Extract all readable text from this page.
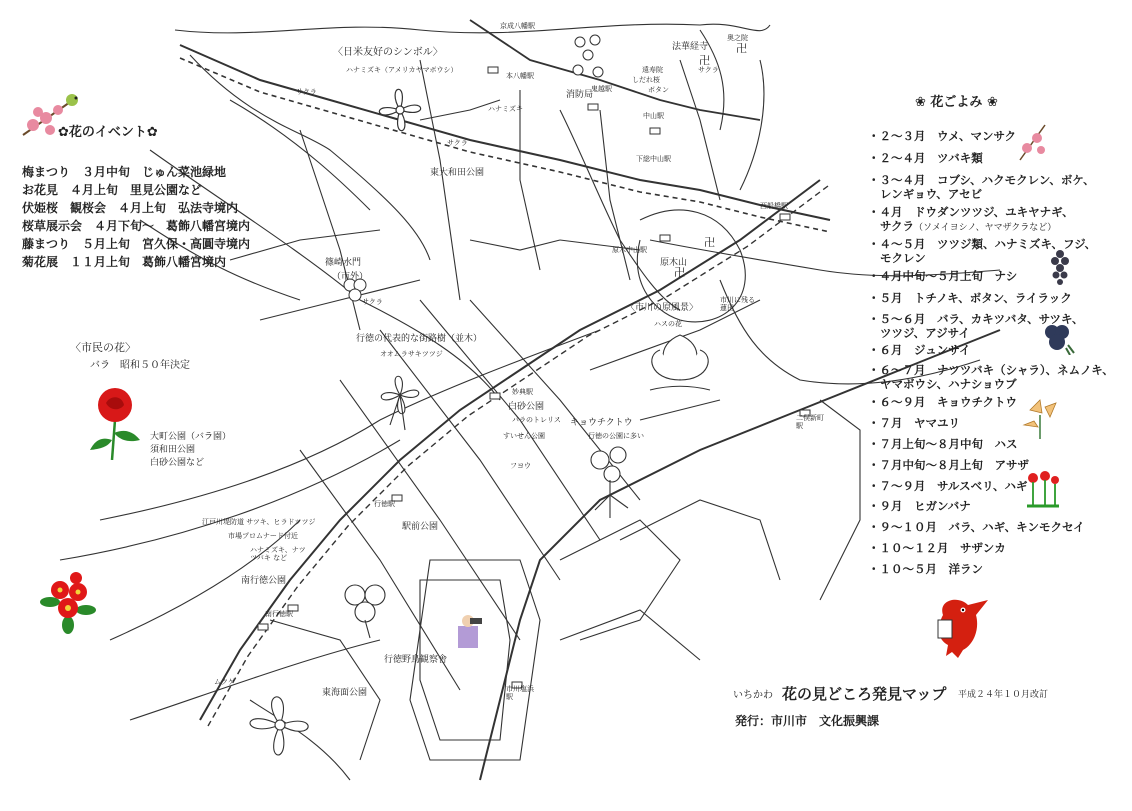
卍
卍
卍
卍
✿花のイベント✿
梅まつり　３月中旬　じゅん菜池緑地
お花見　４月上旬　里見公園など
伏姫桜　観桜会　４月上旬　弘法寺境内
桜草展示会　４月下旬～　葛飾八幡宮境内
藤まつり　５月上旬　宮久保・高圓寺境内
菊花展　１１月上旬　葛飾八幡宮境内
〈市民の花〉
バラ　昭和５０年決定
大町公園（バラ園）
須和田公園
白砂公園など
〈日米友好のシンボル〉
ハナミズキ（アメリカヤマボウシ）
法華経寺
奥之院
遠寿院
しだれ桜
ボタン
サクラ
サクラ
サクラ
ハナミズキ
消防局
東大和田公園
本八幡駅
鬼越駅
中山駅
京成八幡駅
下総中山駅
西船橋駅
原木中山駅
原木山
篠崎水門
（市外）
サクラ
行徳の代表的な街路樹（並木）
オオムラサキツツジ
〈市川の原風景〉
ハスの花
市川に残る蓮田
妙典駅
白砂公園
バラのトレリス キョウチクトウ
行徳の公園に多い
すいせん公園
フヨウ
行徳駅
駅前公園
南行徳公園
南行徳駅
江戸川堤防道 サツキ、ヒラドツツジ
市場プロムナード付近
ハナミズキ、ナツツバキ など
行徳野鳥観察舎
東海面公園
ムクゲ
市川塩浜駅
二俣新町駅
❀ 花ごよみ ❀
・２～３月　ウメ、マンサク
・２～４月　ツバキ類
・３～４月　コブシ、ハクモクレン、ボケ、
レンギョウ、アセビ
・４月　ドウダンツツジ、ユキヤナギ、
サクラ（ソメイヨシノ、ヤマザクラなど）
・４～５月　ツツジ類、ハナミズキ、フジ、
モクレン
・４月中旬～５月上旬　ナシ
・５月　トチノキ、ボタン、ライラック
・５～６月　バラ、カキツバタ、サツキ、
ツツジ、アジサイ
・６月　ジュンサイ
・６～７月　ナツツバキ（シャラ）、ネムノキ、
ヤマボウシ、ハナショウブ
・６～９月　キョウチクトウ
・７月　ヤマユリ
・７月上旬～８月中旬　ハス
・７月中旬～８月上旬　アサザ
・７～９月　サルスベリ、ハギ
・９月　ヒガンバナ
・９～１０月　バラ、ハギ、キンモクセイ
・１０～１２月　サザンカ
・１０～５月　洋ラン
いちかわ 花の見どころ発見マップ 平成２４年１０月改訂
発行：市川市　文化振興課
